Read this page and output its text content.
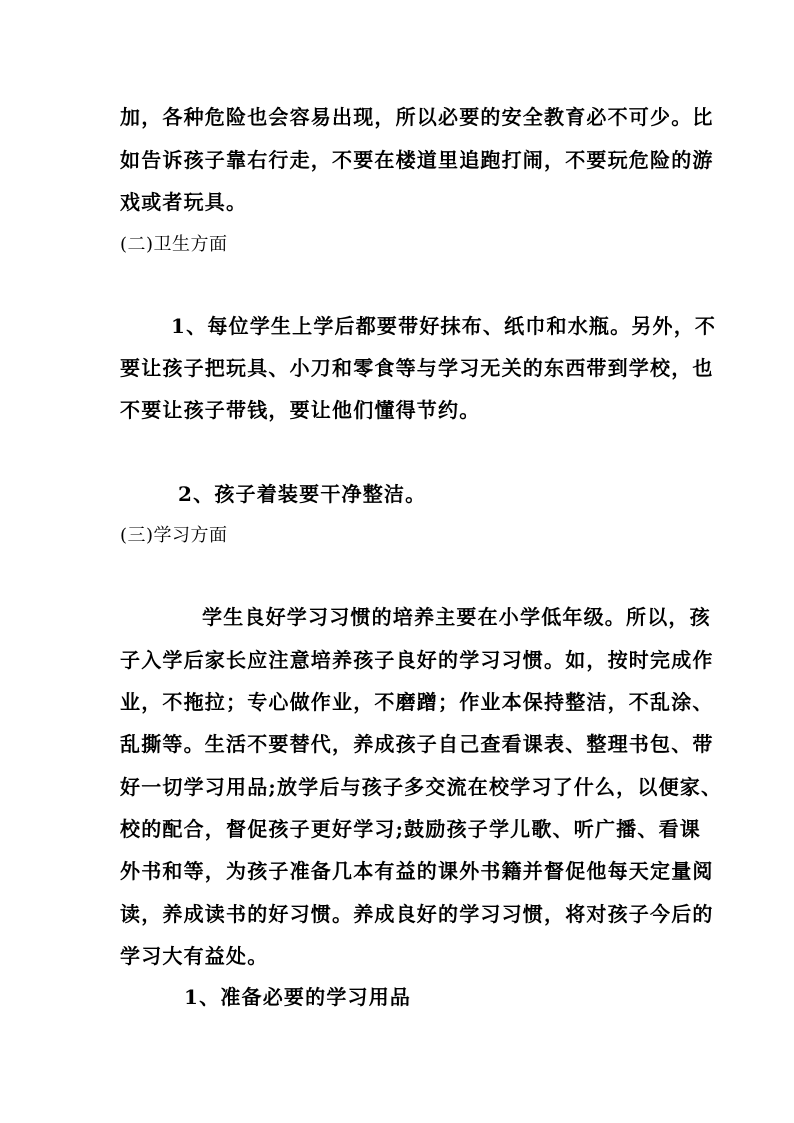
加，各种危险也会容易出现，所以必要的安全教育必不可少。比
如告诉孩子靠右行走，不要在楼道里追跑打闹，不要玩危险的游
戏或者玩具。
(二)卫生方面
1、每位学生上学后都要带好抹布、纸巾和水瓶。另外，不
要让孩子把玩具、小刀和零食等与学习无关的东西带到学校，也
不要让孩子带钱，要让他们懂得节约。
2、孩子着装要干净整洁。
(三)学习方面
学生良好学习习惯的培养主要在小学低年级。所以，孩
子入学后家长应注意培养孩子良好的学习习惯。如，按时完成作
业，不拖拉；专心做作业，不磨蹭；作业本保持整洁，不乱涂、
乱撕等。生活不要替代，养成孩子自己查看课表、整理书包、带
好一切学习用品;放学后与孩子多交流在校学习了什么，以便家、
校的配合，督促孩子更好学习;鼓励孩子学儿歌、听广播、看课
外书和等，为孩子准备几本有益的课外书籍并督促他每天定量阅
读，养成读书的好习惯。养成良好的学习习惯，将对孩子今后的
学习大有益处。
1、准备必要的学习用品
